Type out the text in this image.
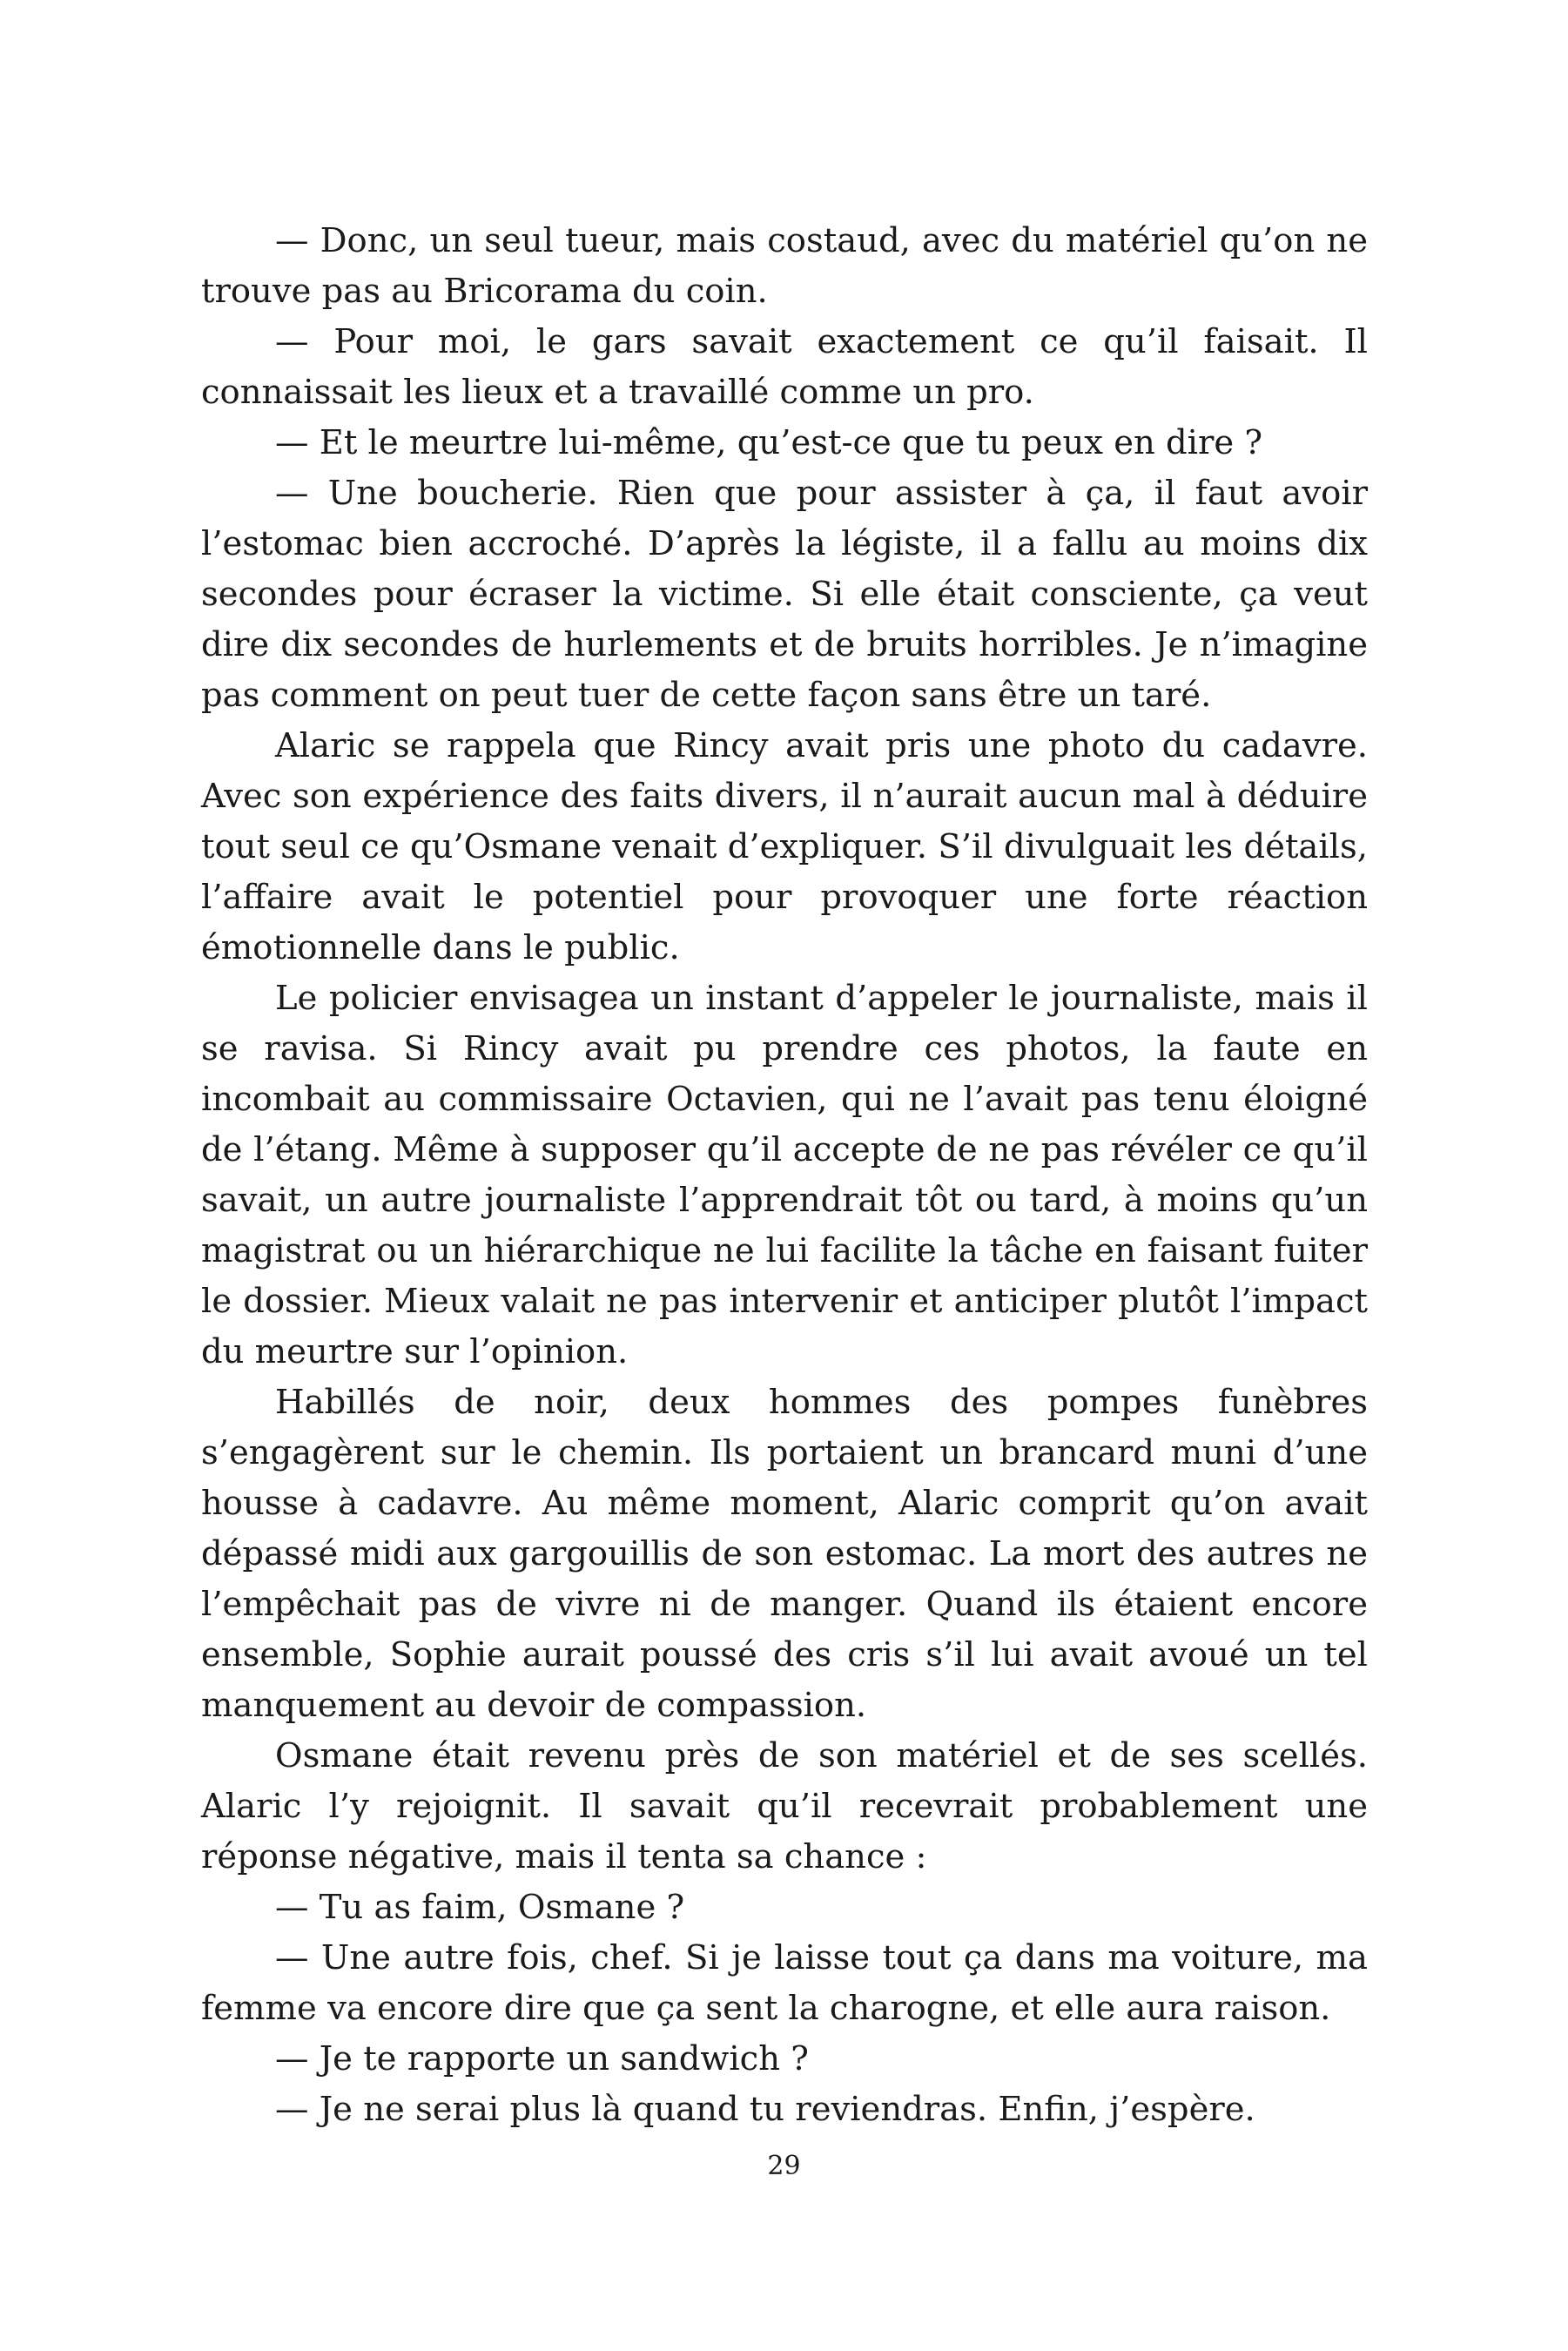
— Donc, un seul tueur, mais costaud, avec du matériel qu’on ne trouve pas au Bricorama du coin.

— Pour moi, le gars savait exactement ce qu’il faisait. Il connaissait les lieux et a travaillé comme un pro.

— Et le meurtre lui-même, qu’est-ce que tu peux en dire ?

— Une boucherie. Rien que pour assister à ça, il faut avoir l’estomac bien accroché. D’après la légiste, il a fallu au moins dix secondes pour écraser la victime. Si elle était consciente, ça veut dire dix secondes de hurlements et de bruits horribles. Je n’imagine pas comment on peut tuer de cette façon sans être un taré.

Alaric se rappela que Rincy avait pris une photo du cadavre. Avec son expérience des faits divers, il n’aurait aucun mal à déduire tout seul ce qu’Osmane venait d’expliquer. S’il divulguait les détails, l’affaire avait le potentiel pour provoquer une forte réaction émotionnelle dans le public.

Le policier envisagea un instant d’appeler le journaliste, mais il se ravisa. Si Rincy avait pu prendre ces photos, la faute en incombait au commissaire Octavien, qui ne l’avait pas tenu éloigné de l’étang. Même à supposer qu’il accepte de ne pas révéler ce qu’il savait, un autre journaliste l’apprendrait tôt ou tard, à moins qu’un magistrat ou un hiérarchique ne lui facilite la tâche en faisant fuiter le dossier. Mieux valait ne pas intervenir et anticiper plutôt l’impact du meurtre sur l’opinion.

Habillés de noir, deux hommes des pompes funèbres s’engagèrent sur le chemin. Ils portaient un brancard muni d’une housse à cadavre. Au même moment, Alaric comprit qu’on avait dépassé midi aux gargouillis de son estomac. La mort des autres ne l’empêchait pas de vivre ni de manger. Quand ils étaient encore ensemble, Sophie aurait poussé des cris s’il lui avait avoué un tel manquement au devoir de compassion.

Osmane était revenu près de son matériel et de ses scellés. Alaric l’y rejoignit. Il savait qu’il recevrait probablement une réponse négative, mais il tenta sa chance :

— Tu as faim, Osmane ?

— Une autre fois, chef. Si je laisse tout ça dans ma voiture, ma femme va encore dire que ça sent la charogne, et elle aura raison.

— Je te rapporte un sandwich ?

— Je ne serai plus là quand tu reviendras. Enfin, j’espère.

29
